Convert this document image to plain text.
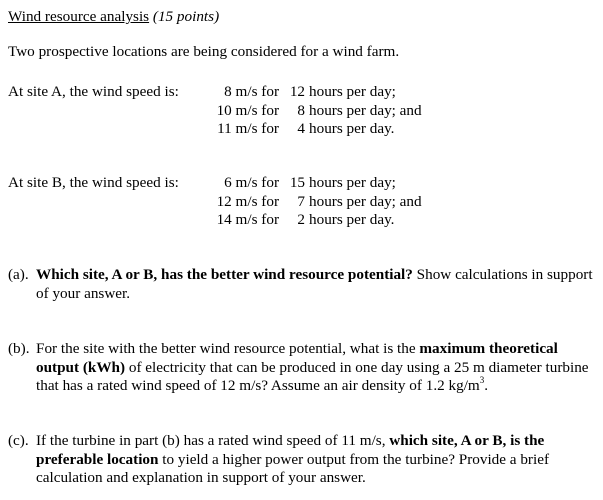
Wind resource analysis (15 points)
Two prospective locations are being considered for a wind farm.
At site A, the wind speed is:	8 m/s for 12 hours per day;
10 m/s for 8 hours per day; and
11 m/s for 4 hours per day.
At site B, the wind speed is:	6 m/s for 15 hours per day;
12 m/s for 7 hours per day; and
14 m/s for 2 hours per day.
(a). Which site, A or B, has the better wind resource potential? Show calculations in support of your answer.
(b). For the site with the better wind resource potential, what is the maximum theoretical output (kWh) of electricity that can be produced in one day using a 25 m diameter turbine that has a rated wind speed of 12 m/s? Assume an air density of 1.2 $kg/m^3$.
(c). If the turbine in part (b) has a rated wind speed of 11 m/s, which site, A or B, is the preferable location to yield a higher power output from the turbine? Provide a brief calculation and explanation in support of your answer.
